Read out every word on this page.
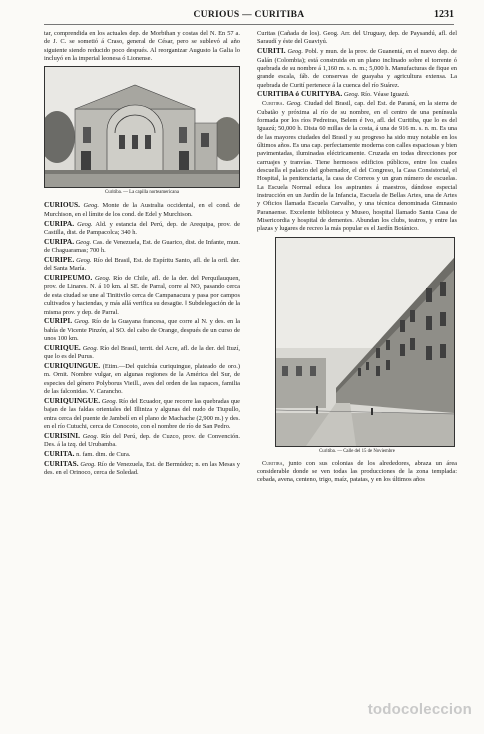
CURIOUS — CURITIBA	1231

tar, comprendida en los actuales dep. de Morbihan y costas del N. En 57 a. de J. C. se sometió á Craso, general de César, pero se sublevó al año siguiente siendo reducido poco después. Al reorganizar Augusto la Galia lo incluyó en la imperial leonesa ó Lionense.

Curitiba. — La capilla norteamericana

CURIOUS. Geog. Monte de la Australia occidental, en el cond. de Murchison, en el límite de los cond. de Edel y Murchison.

CURIPA. Geog. Ald. y estancia del Perú, dep. de Arequipa, prov. de Castilla, dist. de Pampacolca; 340 h.

CURIPA. Geog. Cas. de Venezuela, Est. de Guarico, dist. de Infante, mun. de Chaguaramas; 700 h.

CURIPE. Geog. Río del Brasil, Est. de Espíritu Santo, afl. de la oril. der. del Santa María.

CURIPEUMO. Geog. Río de Chile, afl. de la der. del Perquilauquen, prov. de Linares. N. á 10 km. al SE. de Parral, corre al NO, pasando cerca de esta ciudad se une al Tinitivilo cerca de Campanacura y pasa por campos cultivados y haciendas, y más allá verifica su desagüe. ‖ Subdelegación de la misma prov. y dep. de Parral.

CURIPI. Geog. Río de la Guayana francesa, que corre al N. y des. en la bahía de Vicente Pinzón, al SO. del cabo de Orange, después de un curso de unos 100 km.

CURIQUE. Geog. Río del Brasil, territ. del Acre, afl. de la der. del Ituzí, que lo es del Purus.

CURIQUINGUE. (Etim.—Del quichúa curiquingue, plateado de oro.) m. Ornit. Nombre vulgar, en algunas regiones de la América del Sur, de especies del género Polyborus Vieill., aves del orden de las rapaces, familia de las falconidas. V. Carancho.

CURIQUINGUE. Geog. Río del Ecuador, que recorre las quebradas que bajan de las faldas orientales del Illiniza y algunas del nudo de Tiupullo, entra cerca del puente de Jambelí en el plano de Machache (2,900 m.) y des. en el río Cutuchi, cerca de Conocoto, con el nombre de río de San Pedro.

CURISINI. Geog. Río del Perú, dep. de Cuzco, prov. de Convención. Des. á la izq. del Urubamba.

CURITA. n. fam. dim. de Cura.

CURITAS. Geog. Río de Venezuela, Est. de Bermúdez; n. en las Mesas y des. en el Orinoco, cerca de Soledad.

Curitas (Cañada de los). Geog. Arr. del Uruguay, dep. de Paysandú, afl. del Saraudí y éste del Guaviyú.

CURITI. Geog. Pobl. y mun. de la prov. de Guanentá, en el nuevo dep. de Galán (Colombia); está construida en un plano inclinado sobre el torrente ó quebrada de su nombre á 1,160 m. s. n. m.; 5,000 h. Manufacturas de fique en grande escala, fáb. de conservas de guayaba y agricultura extensa. La quebrada de Curití pertenece á la cuenca del río Suárez.

CURITIBA ó CURITYBA. Geog. Río. Véase Iguazú.

Curitiba. Geog. Ciudad del Brasil, cap. del Est. de Paraná, en la sierra de Cubatão y próxima al río de su nombre, en el centro de una península formada por los ríos Pedreiras, Belem é Ivo, afl. del Curitiba, que lo es del Iguazú; 50,000 h. Dista 60 millas de la costa, á una de 916 m. s. n. m. Es una de las mayores ciudades del Brasil y su progreso ha sido muy notable en los últimos años. Es una cap. perfectamente moderna con calles espaciosas y bien pavimentadas, iluminadas eléctricamente. Cruzada en todas direcciones por carruajes y tranvías. Tiene hermosos edificios públicos, entre los cuales descuella el palacio del gobernador, el del Congreso, la Casa Consistorial, el Hospital, la penitenciaria, la casa de Correos y un gran número de escuelas. La Escuela Normal educa los aspirantes á maestros, dándose especial instrucción en un Jardín de la Infancia, Escuela de Bellas Artes, una de Artes y Oficios llamada Escuela Carvalho, y una técnica denominada Gimnasio Paranaense. Excelente biblioteca y Museo, hospital llamado Santa Casa de Misericordia y hospital de dementes. Abundan los clubs, teatros, y entre las plazas y lugares de recreo la más popular es el Jardín Botánico.

Curitiba. — Calle del 15 de Noviembre

Curitiba, junto con sus colonias de los alrededores, abraza un área considerable donde se ven todas las producciones de la zona templada: cebada, avena, centeno, trigo, maíz, patatas, y en los últimos años

todocoleccion
